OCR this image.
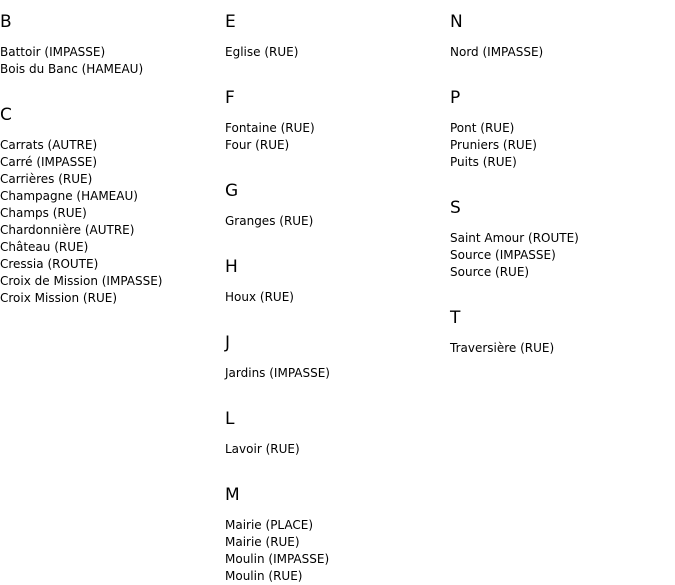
B
Battoir (IMPASSE)
Bois du Banc (HAMEAU)
C
Carrats (AUTRE)
Carré (IMPASSE)
Carrières (RUE)
Champagne (HAMEAU)
Champs (RUE)
Chardonnière (AUTRE)
Château (RUE)
Cressia (ROUTE)
Croix de Mission (IMPASSE)
Croix Mission (RUE)
E
Eglise (RUE)
F
Fontaine (RUE)
Four (RUE)
G
Granges (RUE)
H
Houx (RUE)
J
Jardins (IMPASSE)
L
Lavoir (RUE)
M
Mairie (PLACE)
Mairie (RUE)
Moulin (IMPASSE)
Moulin (RUE)
N
Nord (IMPASSE)
P
Pont (RUE)
Pruniers (RUE)
Puits (RUE)
S
Saint Amour (ROUTE)
Source (IMPASSE)
Source (RUE)
T
Traversière (RUE)
